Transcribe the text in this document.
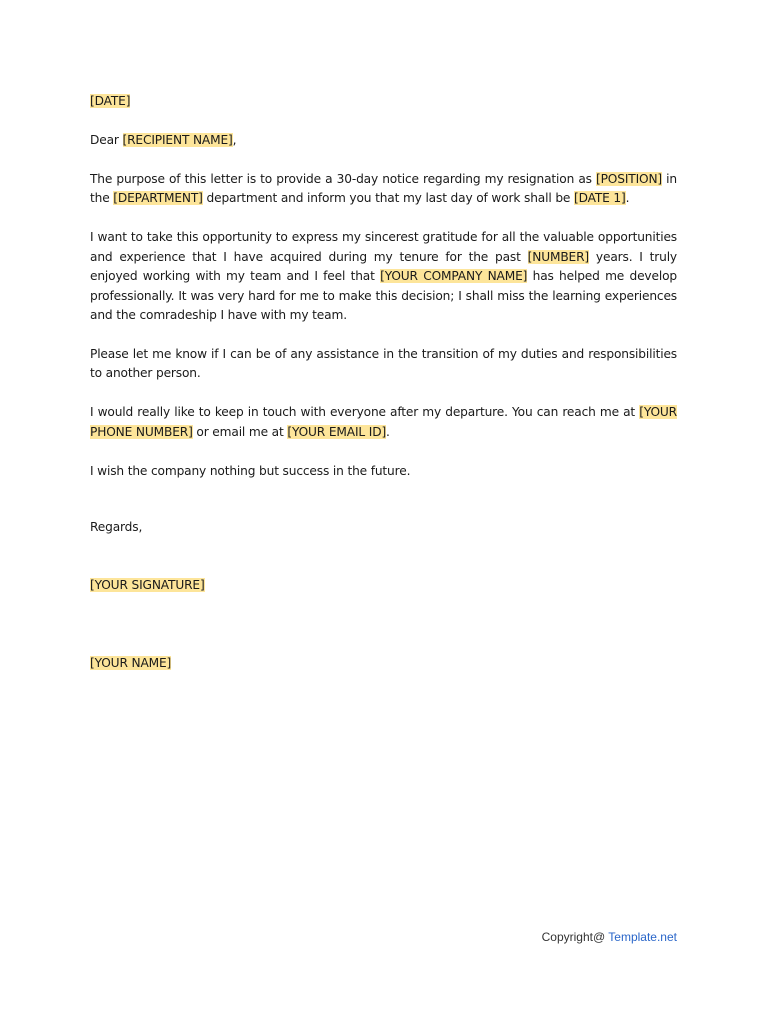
[DATE]

Dear [RECIPIENT NAME],

The purpose of this letter is to provide a 30-day notice regarding my resignation as [POSITION] in the [DEPARTMENT] department and inform you that my last day of work shall be [DATE 1].

I want to take this opportunity to express my sincerest gratitude for all the valuable opportunities and experience that I have acquired during my tenure for the past [NUMBER] years. I truly enjoyed working with my team and I feel that [YOUR COMPANY NAME] has helped me develop professionally. It was very hard for me to make this decision; I shall miss the learning experiences and the comradeship I have with my team.

Please let me know if I can be of any assistance in the transition of my duties and responsibilities to another person.

I would really like to keep in touch with everyone after my departure. You can reach me at [YOUR PHONE NUMBER] or email me at [YOUR EMAIL ID].

I wish the company nothing but success in the future.

Regards,

[YOUR SIGNATURE]

[YOUR NAME]

Copyright@ Template.net
